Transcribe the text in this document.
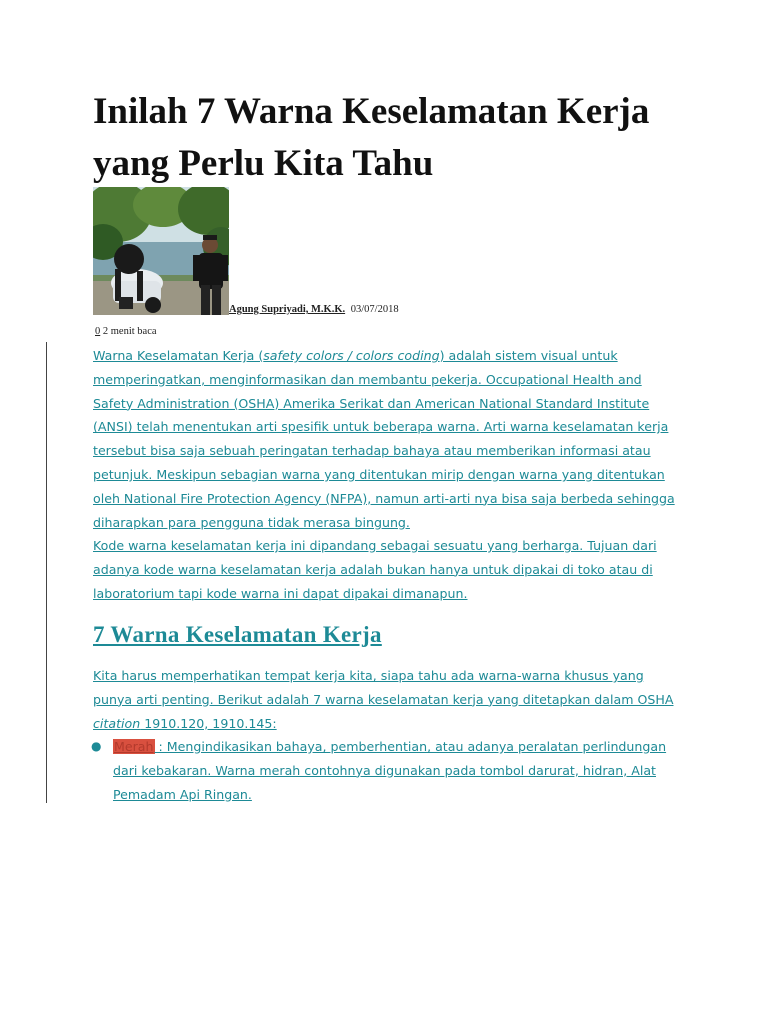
Inilah 7 Warna Keselamatan Kerja yang Perlu Kita Tahu
Agung Supriyadi, M.K.K. 03/07/2018
0 2 menit baca
Warna Keselamatan Kerja (safety colors / colors coding) adalah sistem visual untuk memperingatkan, menginformasikan dan membantu pekerja. Occupational Health and Safety Administration (OSHA) Amerika Serikat dan American National Standard Institute (ANSI) telah menentukan arti spesifik untuk beberapa warna. Arti warna keselamatan kerja tersebut bisa saja sebuah peringatan terhadap bahaya atau memberikan informasi atau petunjuk. Meskipun sebagian warna yang ditentukan mirip dengan warna yang ditentukan oleh National Fire Protection Agency (NFPA), namun arti-arti nya bisa saja berbeda sehingga diharapkan para pengguna tidak merasa bingung.
Kode warna keselamatan kerja ini dipandang sebagai sesuatu yang berharga. Tujuan dari adanya kode warna keselamatan kerja adalah bukan hanya untuk dipakai di toko atau di laboratorium tapi kode warna ini dapat dipakai dimanapun.
7 Warna Keselamatan Kerja
Kita harus memperhatikan tempat kerja kita, siapa tahu ada warna-warna khusus yang punya arti penting. Berikut adalah 7 warna keselamatan kerja yang ditetapkan dalam OSHA citation 1910.120, 1910.145:
● Merah : Mengindikasikan bahaya, pemberhentian, atau adanya peralatan perlindungan dari kebakaran. Warna merah contohnya digunakan pada tombol darurat, hidran, Alat Pemadam Api Ringan.
